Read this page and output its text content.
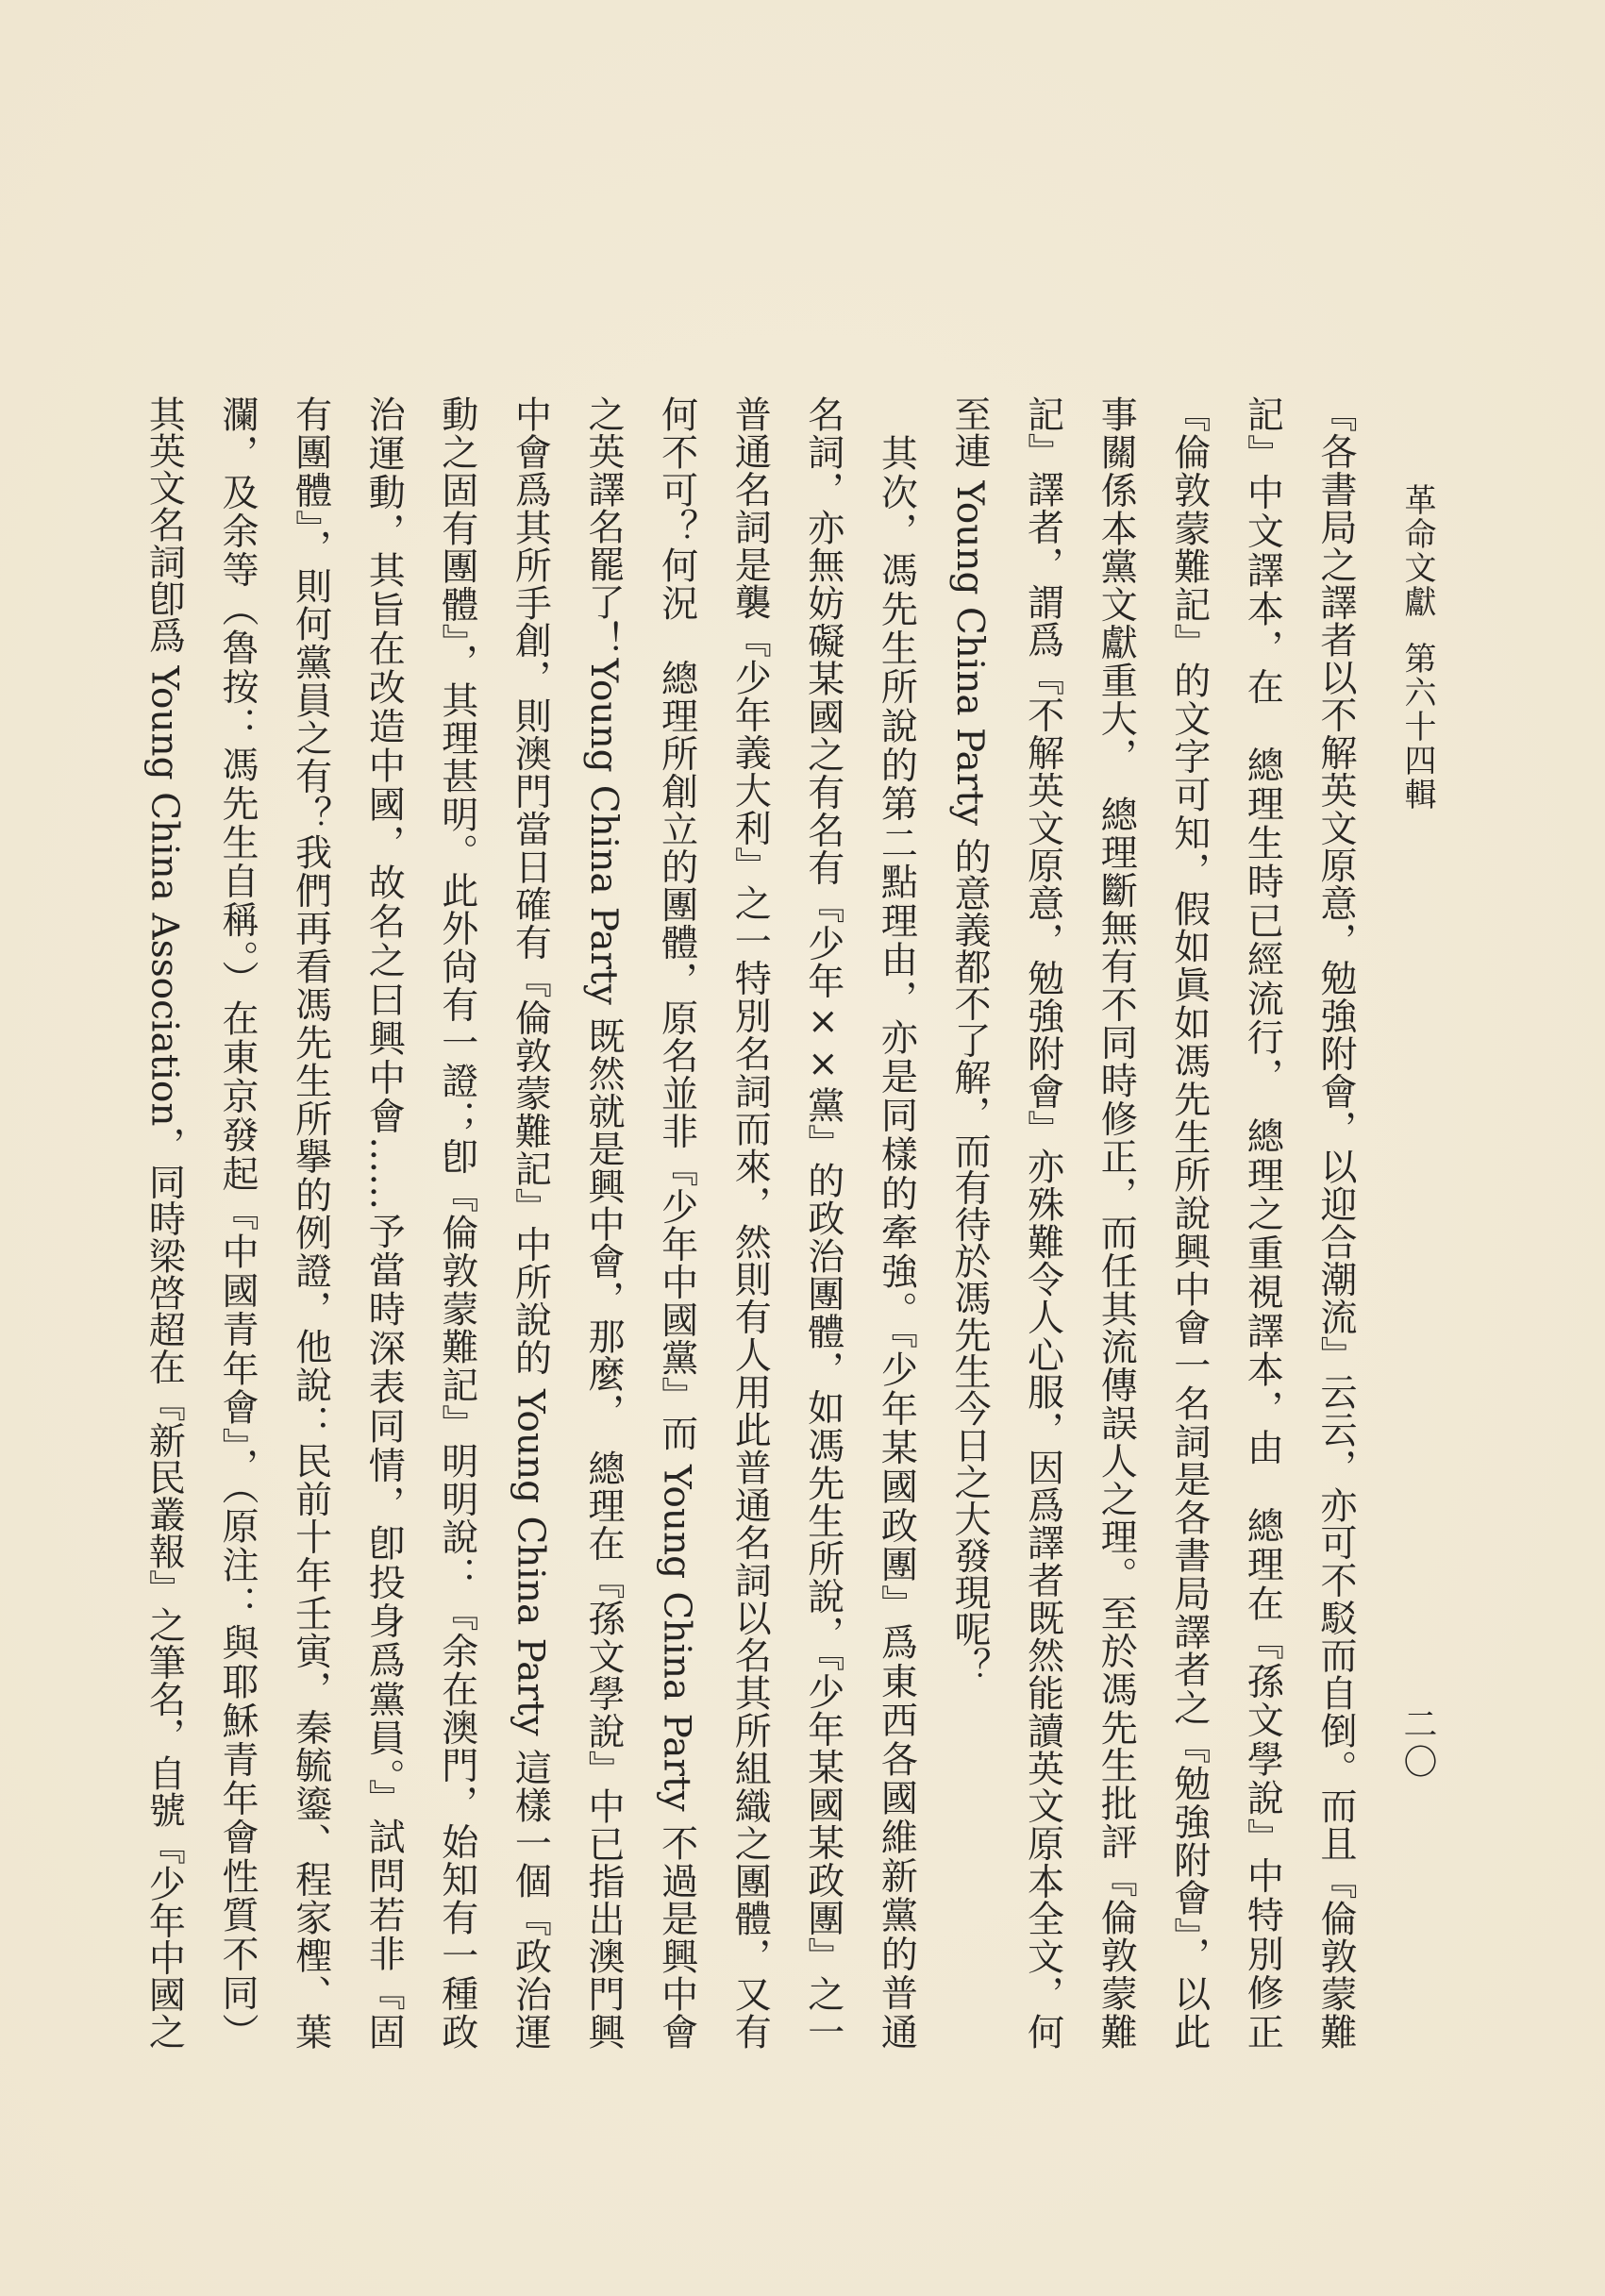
革命文獻第六十四輯
二〇
『各書局之譯者以不解英文原意，勉強附會，以迎合潮流』云云，亦可不駁而自倒。而且『倫敦蒙難
記』中文譯本，在　總理生時已經流行，　總理之重視譯本，由　總理在『孫文學說』中特別修正
『倫敦蒙難記』的文字可知，假如眞如馮先生所說興中會一名詞是各書局譯者之『勉強附會』，以此
事關係本黨文獻重大，　總理斷無有不同時修正，而任其流傳誤人之理。至於馮先生批評『倫敦蒙難
記』譯者，謂爲『不解英文原意，勉強附會』亦殊難令人心服，因爲譯者既然能讀英文原本全文，何
至連 Young China Party 的意義都不了解，而有待於馮先生今日之大發現呢？
　其次，馮先生所說的第二點理由，亦是同樣的牽強。『少年某國政團』爲東西各國維新黨的普通
名詞，亦無妨礙某國之有名有『少年××黨』的政治團體，如馮先生所說，『少年某國某政團』之一
普通名詞是襲『少年義大利』之一特別名詞而來，然則有人用此普通名詞以名其所組織之團體，又有
何不可？何況　總理所創立的團體，原名並非『少年中國黨』而 Young China Party 不過是興中會
之英譯名罷了！Young China Party 既然就是興中會，那麼，　總理在『孫文學說』中已指出澳門興
中會爲其所手創，則澳門當日確有『倫敦蒙難記』中所說的 Young China Party 這樣一個『政治運
動之固有團體』，其理甚明。此外尙有一證；卽『倫敦蒙難記』明明說：『余在澳門，始知有一種政
治運動，其旨在改造中國，故名之曰興中會……予當時深表同情，卽投身爲黨員。』試問若非『固
有團體』，則何黨員之有？我們再看馮先生所擧的例證，他說：民前十年壬寅，秦毓鎏、程家檉、葉
瀾，及余等（魯按：馮先生自稱。）在東京發起『中國青年會』，（原注：與耶穌青年會性質不同）
其英文名詞卽爲 Young China Association，同時梁啓超在『新民叢報』之筆名，自號『少年中國之
